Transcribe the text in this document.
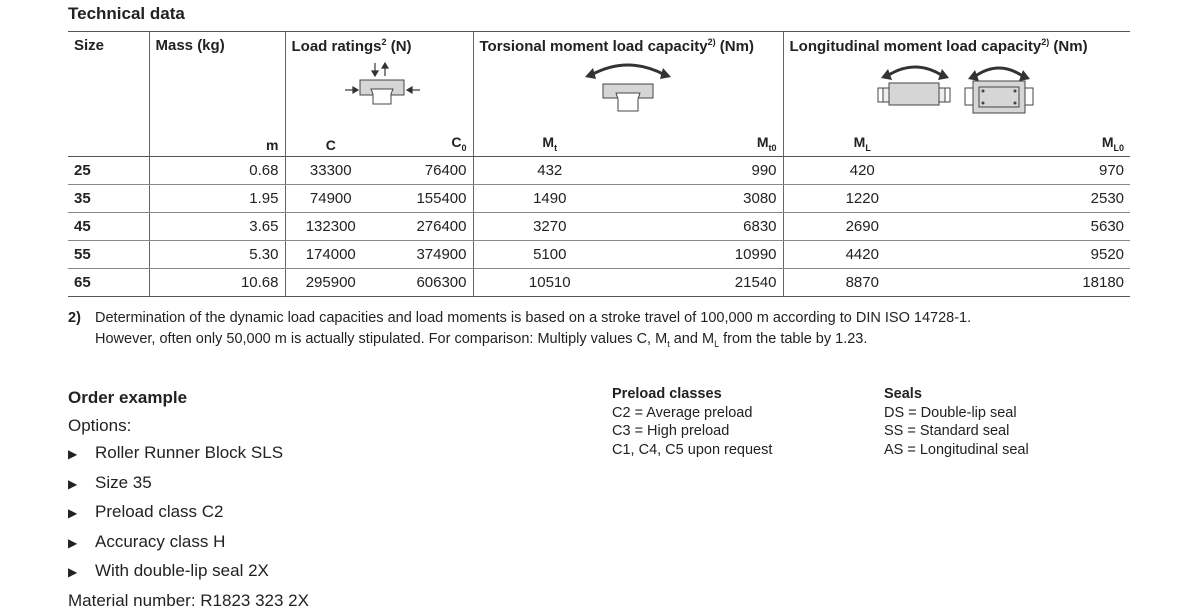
Technical data
Size	Mass (kg)	Load ratings$^2$ (N)		Torsional moment load capacity$^{2)}$ (Nm)		Longitudinal moment load capacity$^{2)}$ (Nm)	

	m	C	$C_0$	$M_t$	$M_{t0}$	$M_L$	$M_{L0}$
25	0.68	33300	76400	432	990	420	970
35	1.95	74900	155400	1490	3080	1220	2530
45	3.65	132300	276400	3270	6830	2690	5630
55	5.30	174000	374900	5100	10990	4420	9520
65	10.68	295900	606300	10510	21540	8870	18180
2) Determination of the dynamic load capacities and load moments is based on a stroke travel of 100,000 m according to DIN ISO 14728-1.
However, often only 50,000 m is actually stipulated. For comparison: Multiply values C, $M_t$ and $M_L$ from the table by 1.23.
Order example
Options:
▶ Roller Runner Block SLS
▶ Size 35
▶ Preload class C2
▶ Accuracy class H
▶ With double-lip seal 2X
Material number: R1823 323 2X
Preload classes
C2 = Average preload
C3 = High preload
C1, C4, C5 upon request
Seals
DS = Double-lip seal
SS = Standard seal
AS = Longitudinal seal
